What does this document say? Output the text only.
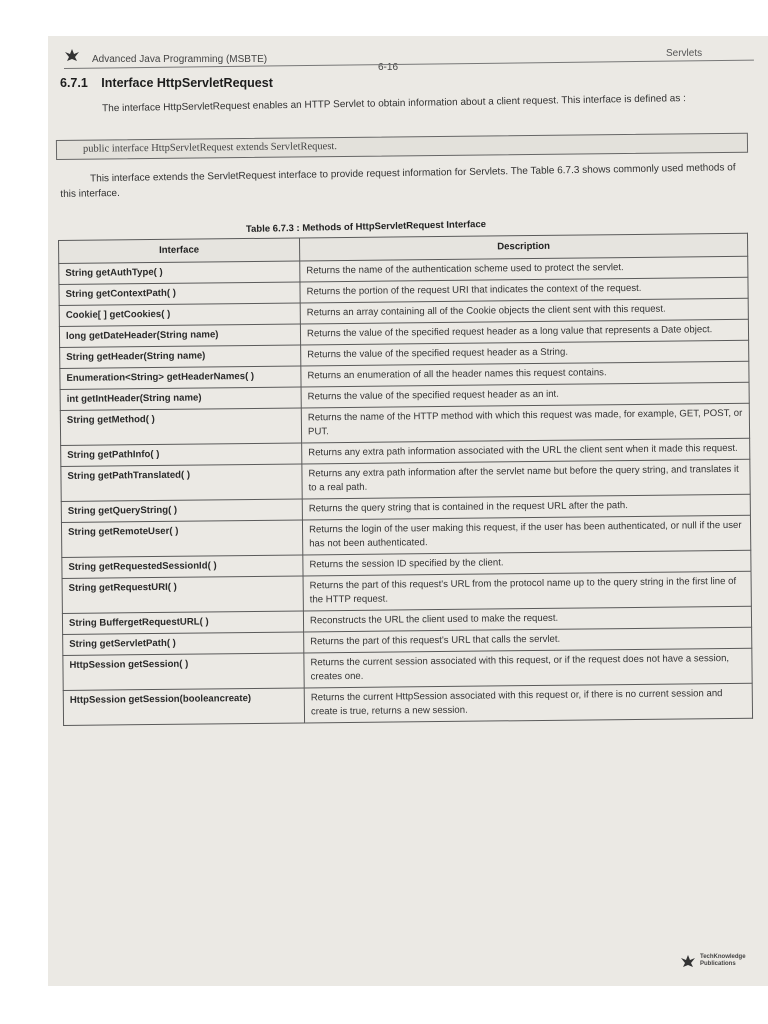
Advanced Java Programming (MSBTE)
6-16
Servlets
6.7.1 Interface HttpServletRequest
The interface HttpServletRequest enables an HTTP Servlet to obtain information about a client request. This interface is defined as :
public interface HttpServletRequest extends ServletRequest.
This interface extends the ServletRequest interface to provide request information for Servlets. The Table 6.7.3 shows commonly used methods of this interface.
Table 6.7.3 : Methods of HttpServletRequest Interface
Interface	Description
String getAuthType( )	Returns the name of the authentication scheme used to protect the servlet.
String getContextPath( )	Returns the portion of the request URI that indicates the context of the request.
Cookie[ ] getCookies( )	Returns an array containing all of the Cookie objects the client sent with this request.
long getDateHeader(String name)	Returns the value of the specified request header as a long value that represents a Date object.
String getHeader(String name)	Returns the value of the specified request header as a String.
Enumeration<String> getHeaderNames( )	Returns an enumeration of all the header names this request contains.
int getIntHeader(String name)	Returns the value of the specified request header as an int.
String getMethod( )	Returns the name of the HTTP method with which this request was made, for example, GET, POST, or PUT.
String getPathInfo( )	Returns any extra path information associated with the URL the client sent when it made this request.
String getPathTranslated( )	Returns any extra path information after the servlet name but before the query string, and translates it to a real path.
String getQueryString( )	Returns the query string that is contained in the request URL after the path.
String getRemoteUser( )	Returns the login of the user making this request, if the user has been authenticated, or null if the user has not been authenticated.
String getRequestedSessionId( )	Returns the session ID specified by the client.
String getRequestURI( )	Returns the part of this request's URL from the protocol name up to the query string in the first line of the HTTP request.
String BuffergetRequestURL( )	Reconstructs the URL the client used to make the request.
String getServletPath( )	Returns the part of this request's URL that calls the servlet.
HttpSession getSession( )	Returns the current session associated with this request, or if the request does not have a session, creates one.
HttpSession getSession(booleancreate)	Returns the current HttpSession associated with this request or, if there is no current session and create is true, returns a new session.
TechKnowledge
Publications
